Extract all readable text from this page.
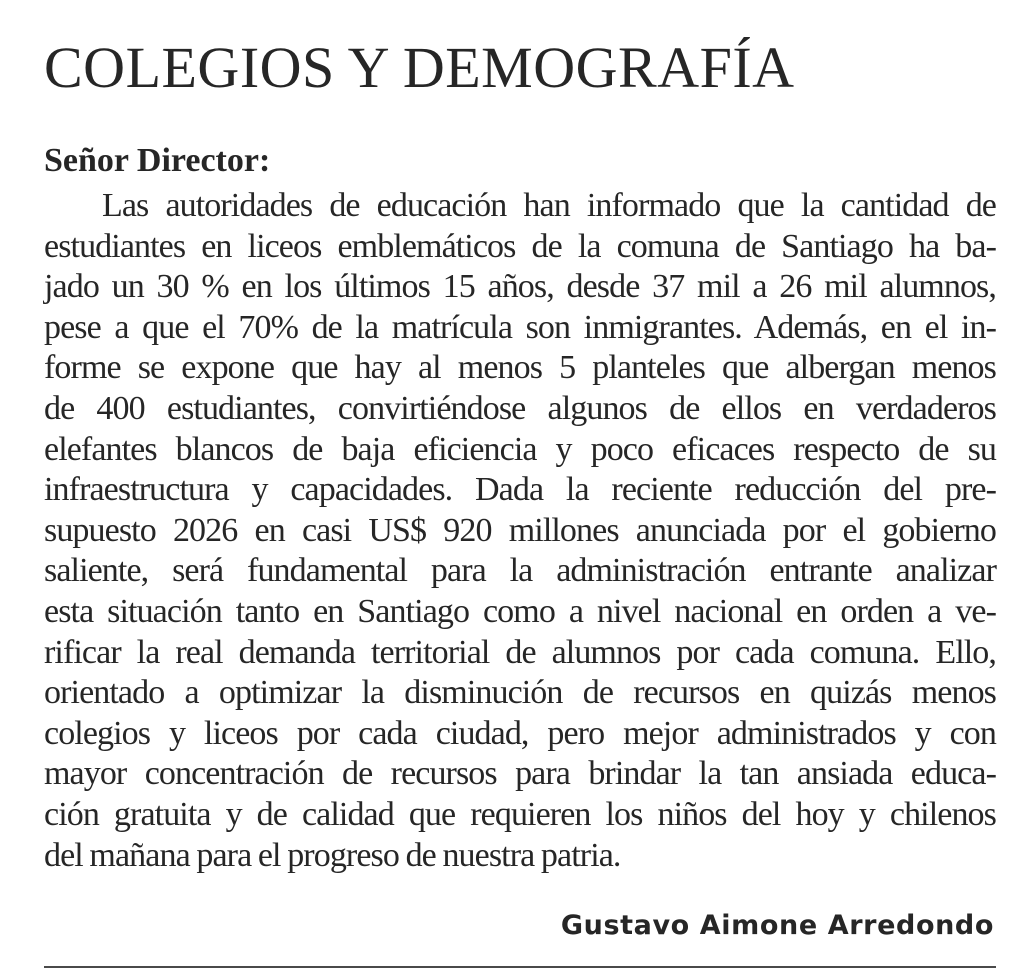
COLEGIOS Y DEMOGRAFÍA

Señor Director:

Las autoridades de educación han informado que la cantidad de
estudiantes en liceos emblemáticos de la comuna de Santiago ha ba-
jado un 30 % en los últimos 15 años, desde 37 mil a 26 mil alumnos,
pese a que el 70% de la matrícula son inmigrantes. Además, en el in-
forme se expone que hay al menos 5 planteles que albergan menos
de 400 estudiantes, convirtiéndose algunos de ellos en verdaderos
elefantes blancos de baja eficiencia y poco eficaces respecto de su
infraestructura y capacidades. Dada la reciente reducción del pre-
supuesto 2026 en casi US$ 920 millones anunciada por el gobierno
saliente, será fundamental para la administración entrante analizar
esta situación tanto en Santiago como a nivel nacional en orden a ve-
rificar la real demanda territorial de alumnos por cada comuna. Ello,
orientado a optimizar la disminución de recursos en quizás menos
colegios y liceos por cada ciudad, pero mejor administrados y con
mayor concentración de recursos para brindar la tan ansiada educa-
ción gratuita y de calidad que requieren los niños del hoy y chilenos
del mañana para el progreso de nuestra patria.

Gustavo Aimone Arredondo
